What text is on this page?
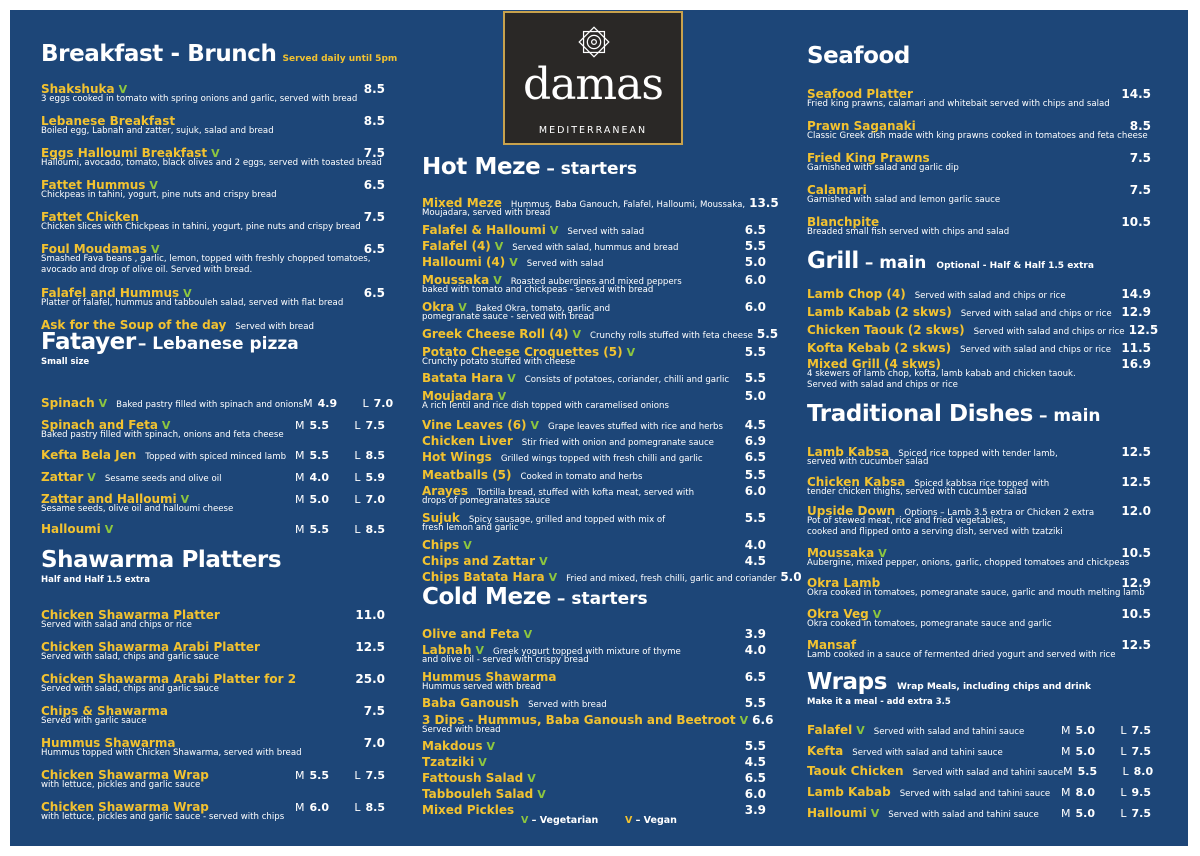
damas
MEDITERRANEAN
Breakfast - Brunch Served daily until 5pm
Fatayer – Lebanese pizza
Small size
Shawarma Platters
Half and Half 1.5 extra
Shakshuka V	8.5
3 eggs cooked in tomato with spring onions and garlic, served with bread
Lebanese Breakfast	8.5
Boiled egg, Labnah and zatter, sujuk, salad and bread
Eggs Halloumi Breakfast V	7.5
Halloumi, avocado, tomato, black olives and 2 eggs, served with toasted bread
Fattet Hummus V	6.5
Chickpeas in tahini, yogurt, pine nuts and crispy bread
Fattet Chicken	7.5
Chicken slices with Chickpeas in tahini, yogurt, pine nuts and crispy bread
Foul Moudamas V	6.5
Smashed Fava beans , garlic, lemon, topped with freshly chopped tomatoes,
avocado and drop of olive oil. Served with bread.
Falafel and Hummus V	6.5
Platter of falafel, hummus and tabbouleh salad, served with flat bread
Ask for the Soup of the day Served with bread
Spinach V Baked pastry filled with spinach and onions M 4.9 L 7.0
Spinach and Feta V	M 5.5 L 7.5
Baked pastry filled with spinach, onions and feta cheese
Kefta Bela Jen Topped with spiced minced lamb M 5.5 L 8.5
Zattar V Sesame seeds and olive oil	M 4.0 L 5.9
Zattar and Halloumi V	M 5.0 L 7.0
Sesame seeds, olive oil and halloumi cheese
Halloumi V	M 5.5 L 8.5
Chicken Shawarma Platter	11.0
Served with salad and chips or rice
Chicken Shawarma Arabi Platter	12.5
Served with salad, chips and garlic sauce
Chicken Shawarma Arabi Platter for 2	25.0
Served with salad, chips and garlic sauce
Chips & Shawarma	7.5
Served with garlic sauce
Hummus Shawarma	7.0
Hummus topped with Chicken Shawarma, served with bread
Chicken Shawarma Wrap	M 5.5 L 7.5
with lettuce, pickles and garlic sauce
Chicken Shawarma Wrap	M 6.0 L 8.5
with lettuce, pickles and garlic sauce - served with chips
Hot Meze – starters
Cold Meze – starters
Mixed Meze Hummus, Baba Ganouch, Falafel, Halloumi, Moussaka, 13.5
Moujadara, served with bread
Falafel & Halloumi V Served with salad	6.5
Falafel (4) V Served with salad, hummus and bread	5.5
Halloumi (4) V Served with salad	5.0
Moussaka V Roasted aubergines and mixed peppers	6.0
baked with tomato and chickpeas - served with bread
Okra V Baked Okra, tomato, garlic and	6.0
pomegranate sauce - served with bread
Greek Cheese Roll (4) V Crunchy rolls stuffed with feta cheese 5.5
Potato Cheese Croquettes (5) V	5.5
Crunchy potato stuffed with cheese
Batata Hara V Consists of potatoes, coriander, chilli and garlic	5.5
Moujadara V	5.0
A rich lentil and rice dish topped with caramelised onions
Vine Leaves (6) V Grape leaves stuffed with rice and herbs	4.5
Chicken Liver Stir fried with onion and pomegranate sauce	6.9
Hot Wings Grilled wings topped with fresh chilli and garlic	6.5
Meatballs (5) Cooked in tomato and herbs	5.5
Arayes Tortilla bread, stuffed with kofta meat, served with	6.0
drops of pomegranates sauce
Sujuk Spicy sausage, grilled and topped with mix of	5.5
fresh lemon and garlic
Chips V	4.0
Chips and Zattar V	4.5
Chips Batata Hara V Fried and mixed, fresh chilli, garlic and coriander 5.0
Olive and Feta V	3.9
Labnah V Greek yogurt topped with mixture of thyme	4.0
and olive oil - served with crispy bread
Hummus Shawarma	6.5
Hummus served with bread
Baba Ganoush Served with bread	5.5
3 Dips - Hummus, Baba Ganoush and Beetroot V 6.6
Served with bread
Makdous V	5.5
Tzatziki V	4.5
Fattoush Salad V	6.5
Tabbouleh Salad V	6.0
Mixed Pickles	3.9
Seafood
Grill – main Optional - Half & Half 1.5 extra
Traditional Dishes – main
Wraps Wrap Meals, including chips and drink
Make it a meal - add extra 3.5
Seafood Platter	14.5
Fried king prawns, calamari and whitebait served with chips and salad
Prawn Saganaki	8.5
Classic Greek dish made with king prawns cooked in tomatoes and feta cheese
Fried King Prawns	7.5
Garnished with salad and garlic dip
Calamari	7.5
Garnished with salad and lemon garlic sauce
Blanchpite	10.5
Breaded small fish served with chips and salad
Lamb Chop (4) Served with salad and chips or rice	14.9
Lamb Kabab (2 skws) Served with salad and chips or rice 12.9
Chicken Taouk (2 skws) Served with salad and chips or rice 12.5
Kofta Kebab (2 skws) Served with salad and chips or rice 11.5
Mixed Grill (4 skws)	16.9
4 skewers of lamb chop, kofta, lamb kabab and chicken taouk.
Served with salad and chips or rice
Lamb Kabsa Spiced rice topped with tender lamb,	12.5
served with cucumber salad
Chicken Kabsa Spiced kabbsa rice topped with	12.5
tender chicken thighs, served with cucumber salad
Upside Down Options – Lamb 3.5 extra or Chicken 2 extra	12.0
Pot of stewed meat, rice and fried vegetables,
cooked and flipped onto a serving dish, served with tzatziki
Moussaka V	10.5
Aubergine, mixed pepper, onions, garlic, chopped tomatoes and chickpeas
Okra Lamb	12.9
Okra cooked in tomatoes, pomegranate sauce, garlic and mouth melting lamb
Okra Veg V	10.5
Okra cooked in tomatoes, pomegranate sauce and garlic
Mansaf	12.5
Lamb cooked in a sauce of fermented dried yogurt and served with rice
Falafel V Served with salad and tahini sauce	M 5.0 L 7.5
Kefta Served with salad and tahini sauce	M 5.0 L 7.5
Taouk Chicken Served with salad and tahini sauce M 5.5 L 8.0
Lamb Kabab Served with salad and tahini sauce M 8.0 L 9.5
Halloumi V Served with salad and tahini sauce M 5.0 L 7.5
V – Vegetarian	V – Vegan
